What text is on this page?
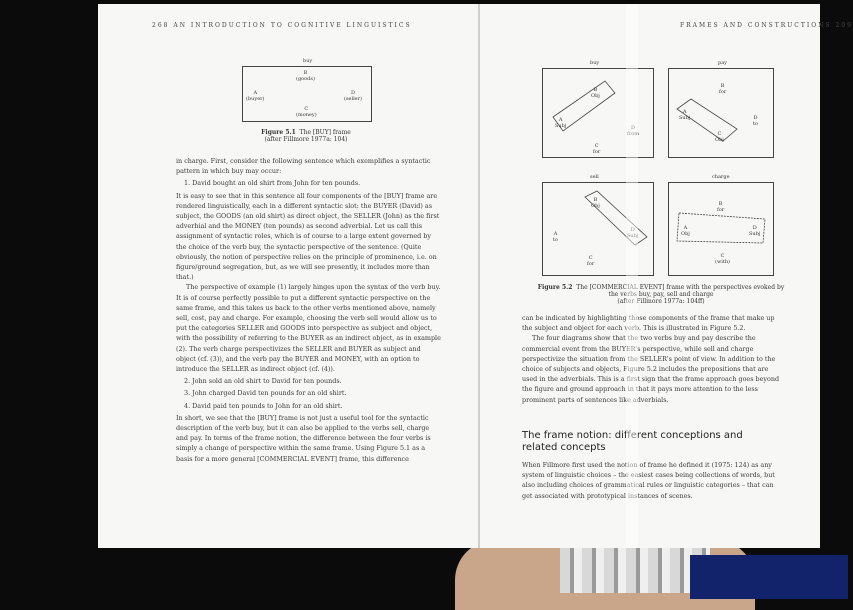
268 AN INTRODUCTION TO COGNITIVE LINGUISTICS
buy
B
(goods)
A
(buyer)
D
(seller)
C
(money)
Figure 5.1 The [BUY] frame
(after Fillmore 1977a: 104)

in charge. First, consider the following sentence which exemplifies a syntactic pattern in which buy may occur:

1. David bought an old shirt from John for ten pounds.

It is easy to see that in this sentence all four components of the [BUY] frame are rendered linguistically, each in a different syntactic slot: the BUYER (David) as subject, the GOODS (an old shirt) as direct object, the SELLER (John) as the first adverbial and the MONEY (ten pounds) as second adverbial. Let us call this assignment of syntactic roles, which is of course to a large extent governed by the choice of the verb buy, the syntactic perspective of the sentence. (Quite obviously, the notion of perspective relies on the principle of prominence, i.e. on figure/ground segregation, but, as we will see presently, it includes more than that.)

The perspective of example (1) largely hinges upon the syntax of the verb buy. It is of course perfectly possible to put a different syntactic perspective on the same frame, and this takes us back to the other verbs mentioned above, namely sell, cost, pay and charge. For example, choosing the verb sell would allow us to put the categories SELLER and GOODS into perspective as subject and object, with the possibility of referring to the BUYER as an indirect object, as in example (2). The verb charge perspectivizes the SELLER and BUYER as subject and object (cf. (3)), and the verb pay the BUYER and MONEY, with an option to introduce the SELLER as indirect object (cf. (4)).

2. John sold an old shirt to David for ten pounds.

3. John charged David ten pounds for an old shirt.

4. David paid ten pounds to John for an old shirt.

In short, we see that the [BUY] frame is not just a useful tool for the syntactic description of the verb buy, but it can also be applied to the verbs sell, charge and pay. In terms of the frame notion, the difference between the four verbs is simply a change of perspective within the same frame. Using Figure 5.1 as a basis for a more general [COMMERCIAL EVENT] frame, this difference

FRAMES AND CONSTRUCTIONS 209
buy
B
Obj
A
Subj	D
from
C
for
pay
B
for
A
Subj	D
to
C
Obj
sell
B
Obj
A
to
D
Subj
C
for
charge
B
for
A
Obj
D
Subj
C
(with)
Figure 5.2 The [COMMERCIAL EVENT] frame with the perspectives evoked by the verbs buy, pay, sell and charge
(after Fillmore 1977a: 104ff)

can be indicated by highlighting those components of the frame that make up the subject and object for each verb. This is illustrated in Figure 5.2.

The four diagrams show that the two verbs buy and pay describe the commercial event from the BUYER's perspective, while sell and charge perspectivize the situation from the SELLER's point of view. In addition to the choice of subjects and objects, Figure 5.2 includes the prepositions that are used in the adverbials. This is a first sign that the frame approach goes beyond the figure and ground approach in that it pays more attention to the less prominent parts of sentences like adverbials.

The frame notion: different conceptions and related concepts

When Fillmore first used the notion of frame he defined it (1975: 124) as any system of linguistic choices – the easiest cases being collections of words, but also including choices of grammatical rules or linguistic categories – that can get associated with prototypical instances of scenes.
